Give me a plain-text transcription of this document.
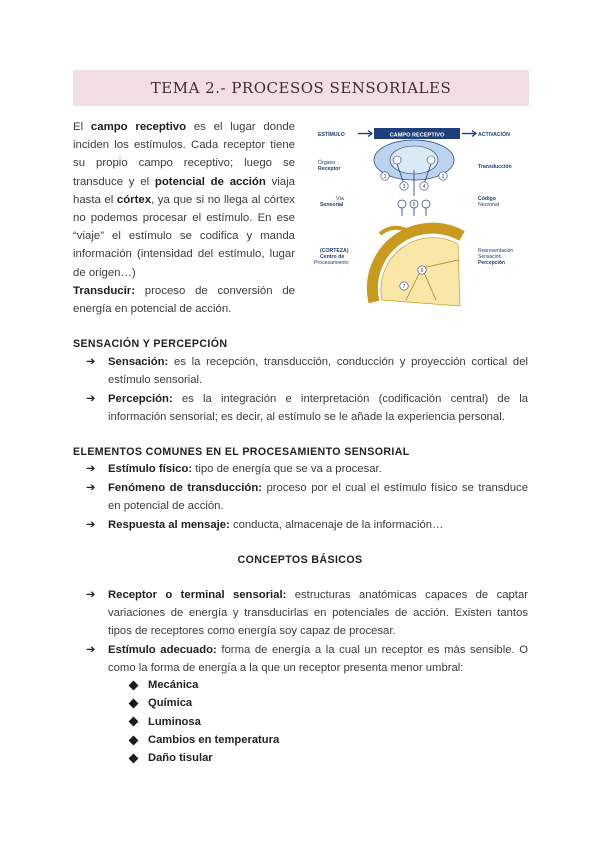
TEMA 2.- PROCESOS SENSORIALES
El campo receptivo es el lugar donde inciden los estímulos. Cada receptor tiene su propio campo receptivo; luego se transduce y el potencial de acción viaja hasta el córtex, ya que si no llega al córtex no podemos procesar el estímulo. En ese “viaje” el estímulo se codifica y manda información (intensidad del estímulo, lugar de origen…)
Transducir: proceso de conversión de energía en potencial de acción.
CAMPO RECEPTIVO
ESTÍMULO	ACTIVACIÓN
1	2
3	4
5
Órgano
Receptor	Transducción
Vía
Sensorial
Código
Neuronal
6
7
(CORTEZA)
Centro de
Procesamiento
Representación
Sensación
Percepción
SENSACIÓN Y PERCEPCIÓN
➔ Sensación: es la recepción, transducción, conducción y proyección cortical del estímulo sensorial.
➔ Percepción: es la integración e interpretación (codificación central) de la información sensorial; es decir, al estímulo se le añade la experiencia personal.
ELEMENTOS COMUNES EN EL PROCESAMIENTO SENSORIAL
➔ Estímulo físico: tipo de energía que se va a procesar.
➔ Fenómeno de transducción: proceso por el cual el estímulo físico se transduce en potencial de acción.
➔ Respuesta al mensaje: conducta, almacenaje de la información…
CONCEPTOS BÁSICOS
➔ Receptor o terminal sensorial: estructuras anatómicas capaces de captar variaciones de energía y transducirlas en potenciales de acción. Existen tantos tipos de receptores como energía soy capaz de procesar.
➔ Estímulo adecuado: forma de energía a la cual un receptor es más sensible. O como la forma de energía a la que un receptor presenta menor umbral:
Mecánica
Química
Luminosa
Cambios en temperatura
Daño tisular
